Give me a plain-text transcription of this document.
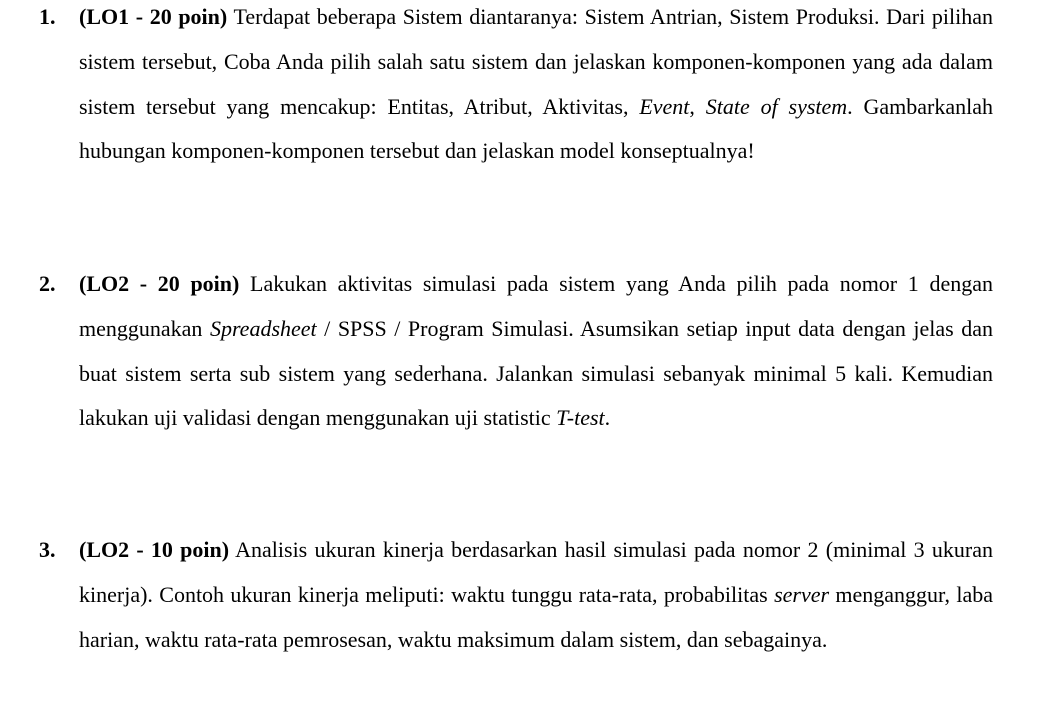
1. (LO1 - 20 poin) Terdapat beberapa Sistem diantaranya: Sistem Antrian, Sistem Produksi. Dari pilihan sistem tersebut, Coba Anda pilih salah satu sistem dan jelaskan komponen-komponen yang ada dalam sistem tersebut yang mencakup: Entitas, Atribut, Aktivitas, Event, State of system. Gambarkanlah hubungan komponen-komponen tersebut dan jelaskan model konseptualnya!
2. (LO2 - 20 poin) Lakukan aktivitas simulasi pada sistem yang Anda pilih pada nomor 1 dengan menggunakan Spreadsheet / SPSS / Program Simulasi. Asumsikan setiap input data dengan jelas dan buat sistem serta sub sistem yang sederhana. Jalankan simulasi sebanyak minimal 5 kali. Kemudian lakukan uji validasi dengan menggunakan uji statistic T-test.
3. (LO2 - 10 poin) Analisis ukuran kinerja berdasarkan hasil simulasi pada nomor 2 (minimal 3 ukuran kinerja). Contoh ukuran kinerja meliputi: waktu tunggu rata-rata, probabilitas server menganggur, laba harian, waktu rata-rata pemrosesan, waktu maksimum dalam sistem, dan sebagainya.
